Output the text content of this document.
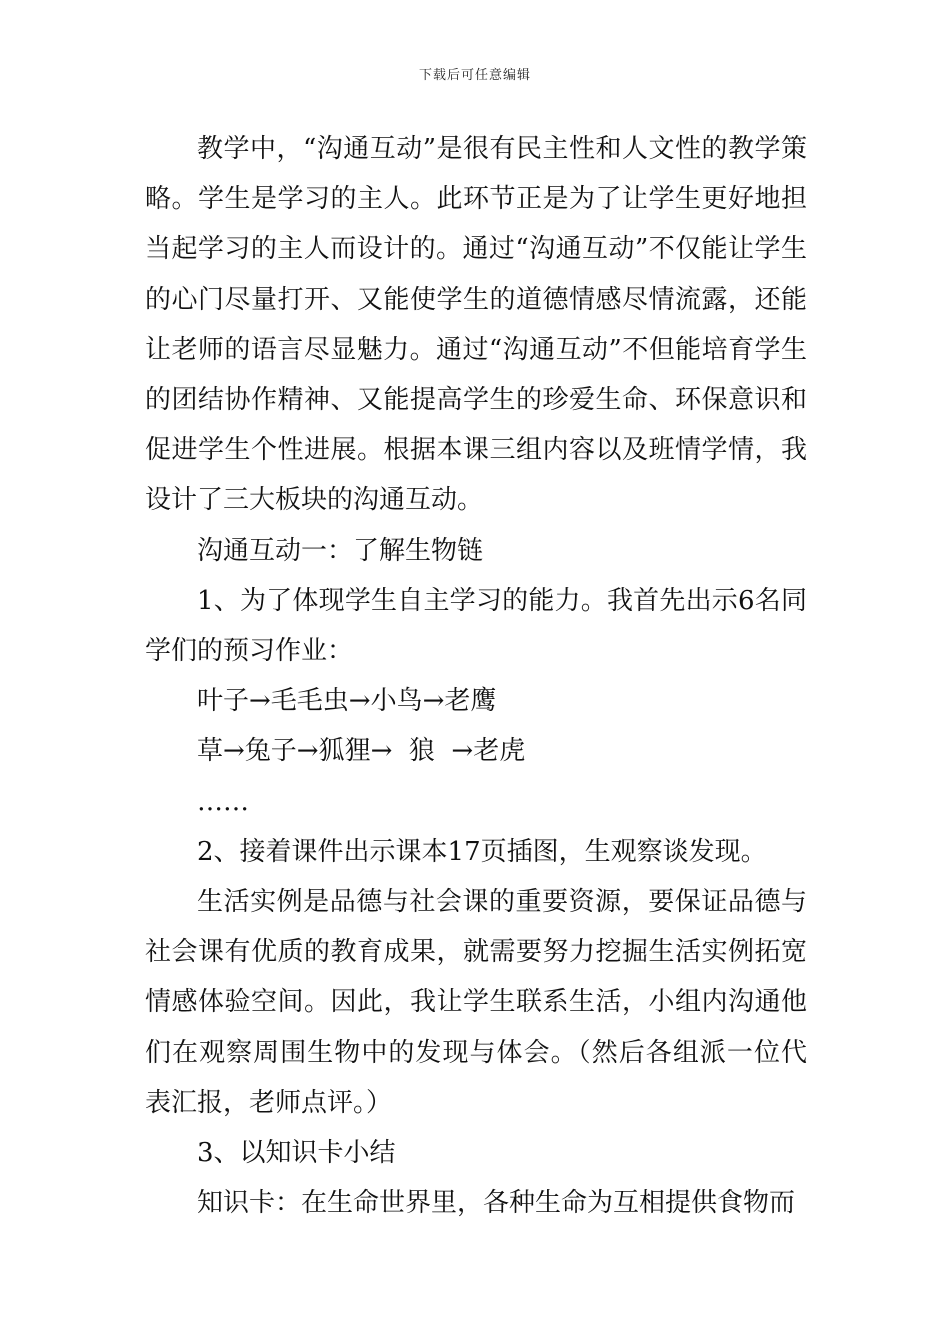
下载后可任意编辑

教学中，“沟通互动”是很有民主性和人文性的教学策略。学生是学习的主人。此环节正是为了让学生更好地担当起学习的主人而设计的。通过“沟通互动”不仅能让学生的心门尽量打开、又能使学生的道德情感尽情流露，还能让老师的语言尽显魅力。通过“沟通互动”不但能培育学生的团结协作精神、又能提高学生的珍爱生命、环保意识和促进学生个性进展。根据本课三组内容以及班情学情，我设计了三大板块的沟通互动。

沟通互动一：了解生物链

1、为了体现学生自主学习的能力。我首先出示6名同学们的预习作业：

叶子→毛毛虫→小鸟→老鹰

草→兔子→狐狸→  狼  →老虎

……

2、接着课件出示课本17页插图，生观察谈发现。

生活实例是品德与社会课的重要资源，要保证品德与社会课有优质的教育成果，就需要努力挖掘生活实例拓宽情感体验空间。因此，我让学生联系生活，小组内沟通他们在观察周围生物中的发现与体会。（然后各组派一位代表汇报，老师点评。）

3、以知识卡小结

知识卡：在生命世界里，各种生命为互相提供食物而
